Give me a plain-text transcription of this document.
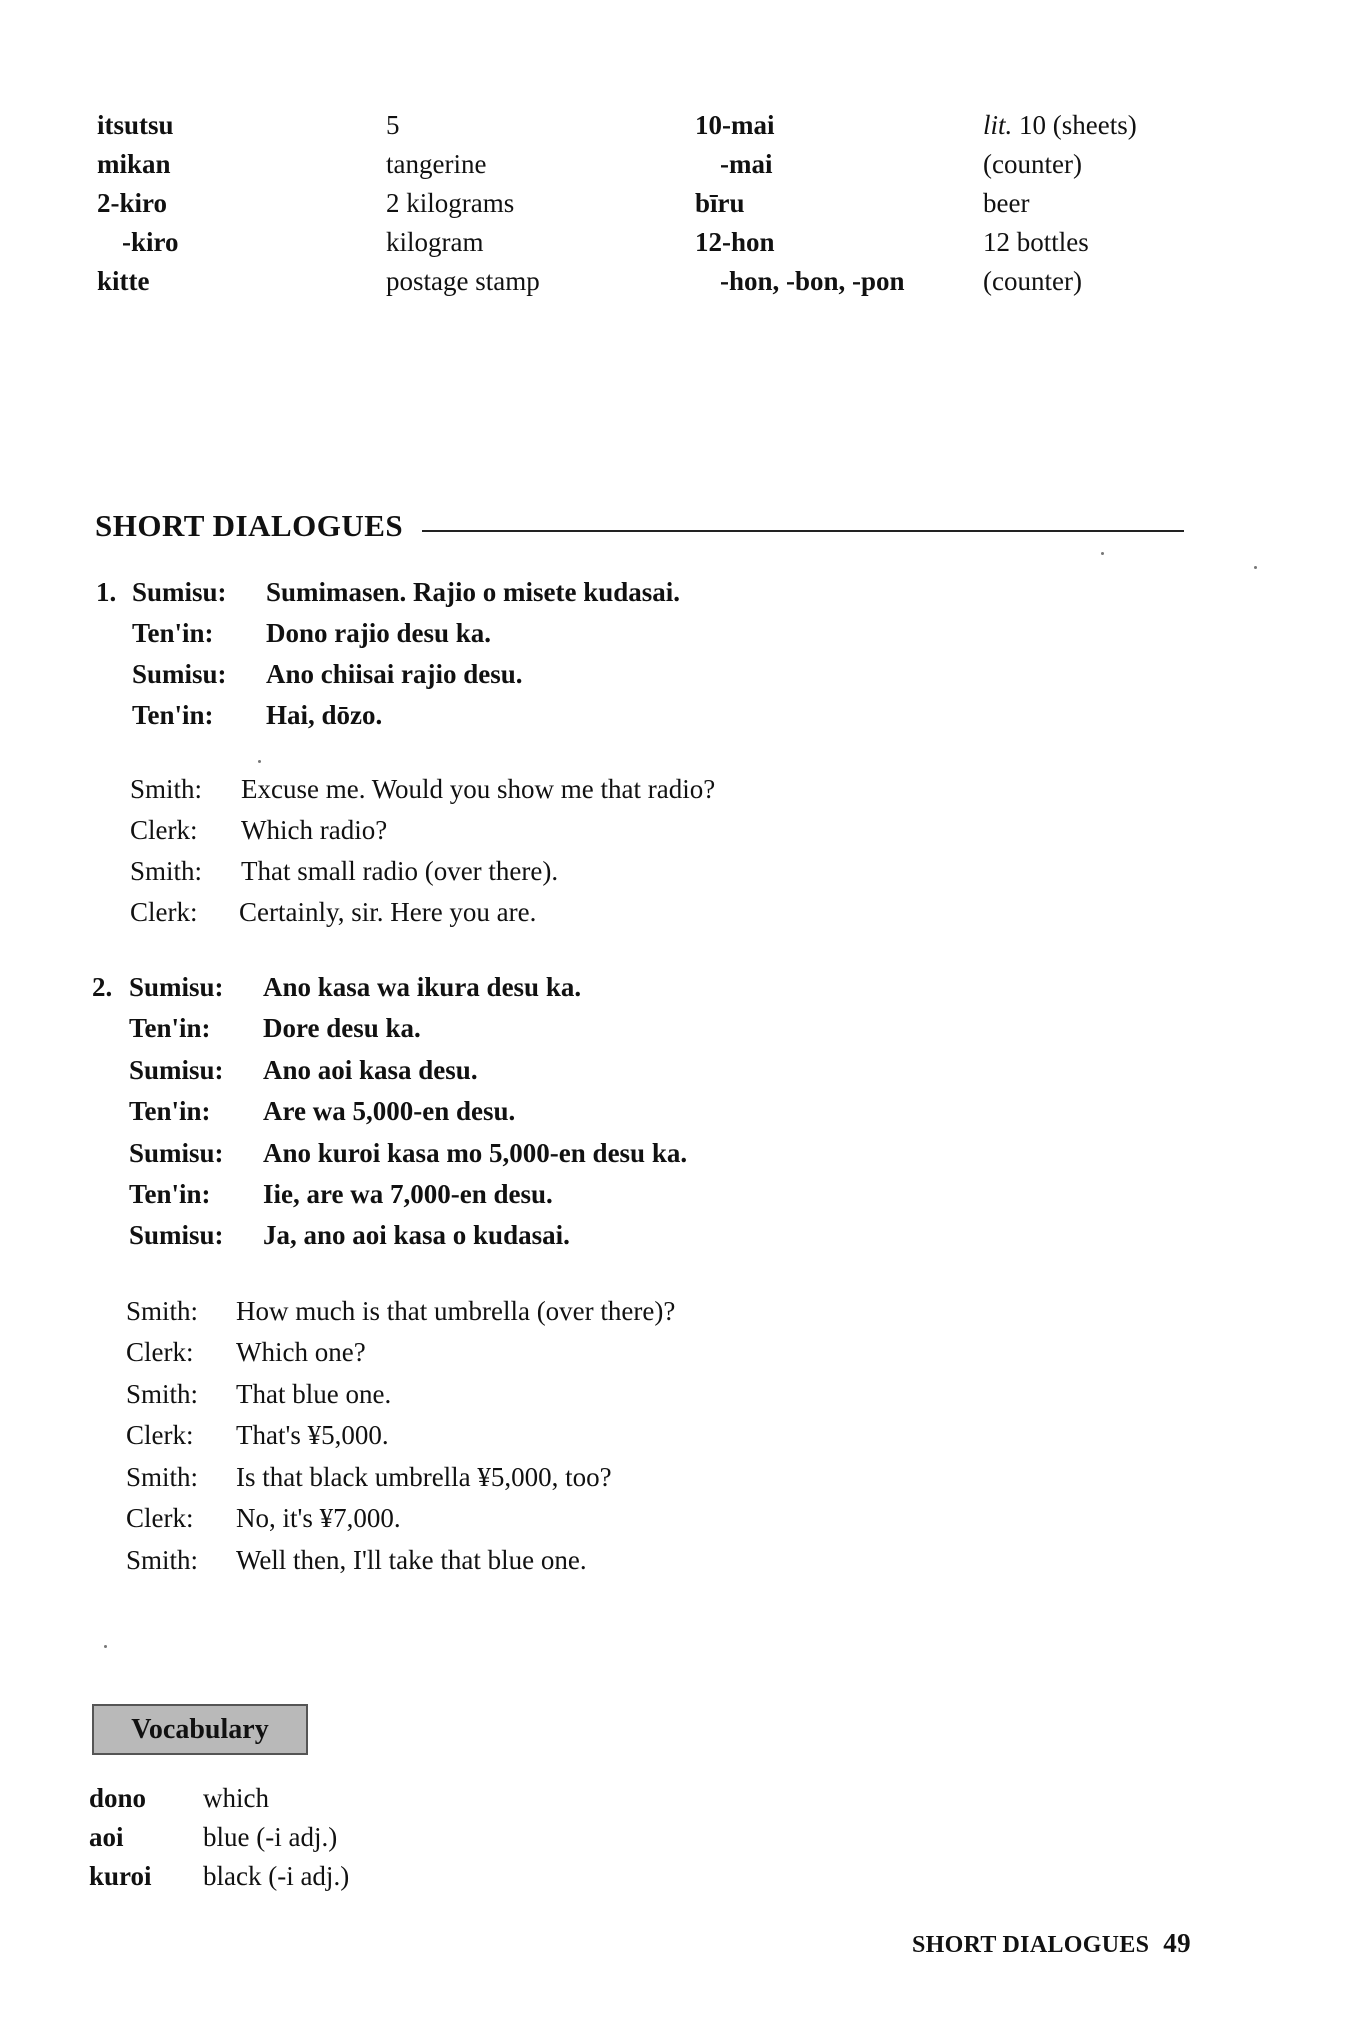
itsutsu	5
mikan	tangerine
2-kiro	2 kilograms
-kiro	kilogram
kitte	postage stamp
10-mai	lit. 10 (sheets)
-mai	(counter)
bīru	beer
12-hon	12 bottles
-hon, -bon, -pon	(counter)
SHORT DIALOGUES
1. Sumisu: Sumimasen. Rajio o misete kudasai.
Ten'in: Dono rajio desu ka.
Sumisu: Ano chiisai rajio desu.
Ten'in: Hai, dōzo.
Smith: Excuse me. Would you show me that radio?
Clerk: Which radio?
Smith: That small radio (over there).
Clerk: Certainly, sir. Here you are.
2. Sumisu: Ano kasa wa ikura desu ka.
Ten'in: Dore desu ka.
Sumisu: Ano aoi kasa desu.
Ten'in: Are wa 5,000-en desu.
Sumisu: Ano kuroi kasa mo 5,000-en desu ka.
Ten'in: Iie, are wa 7,000-en desu.
Sumisu: Ja, ano aoi kasa o kudasai.
Smith: How much is that umbrella (over there)?
Clerk: Which one?
Smith: That blue one.
Clerk: That's ¥5,000.
Smith: Is that black umbrella ¥5,000, too?
Clerk: No, it's ¥7,000.
Smith: Well then, I'll take that blue one.
Vocabulary
dono which
aoi	blue (-i adj.)
kuroi black (-i adj.)
SHORT DIALOGUES 49
